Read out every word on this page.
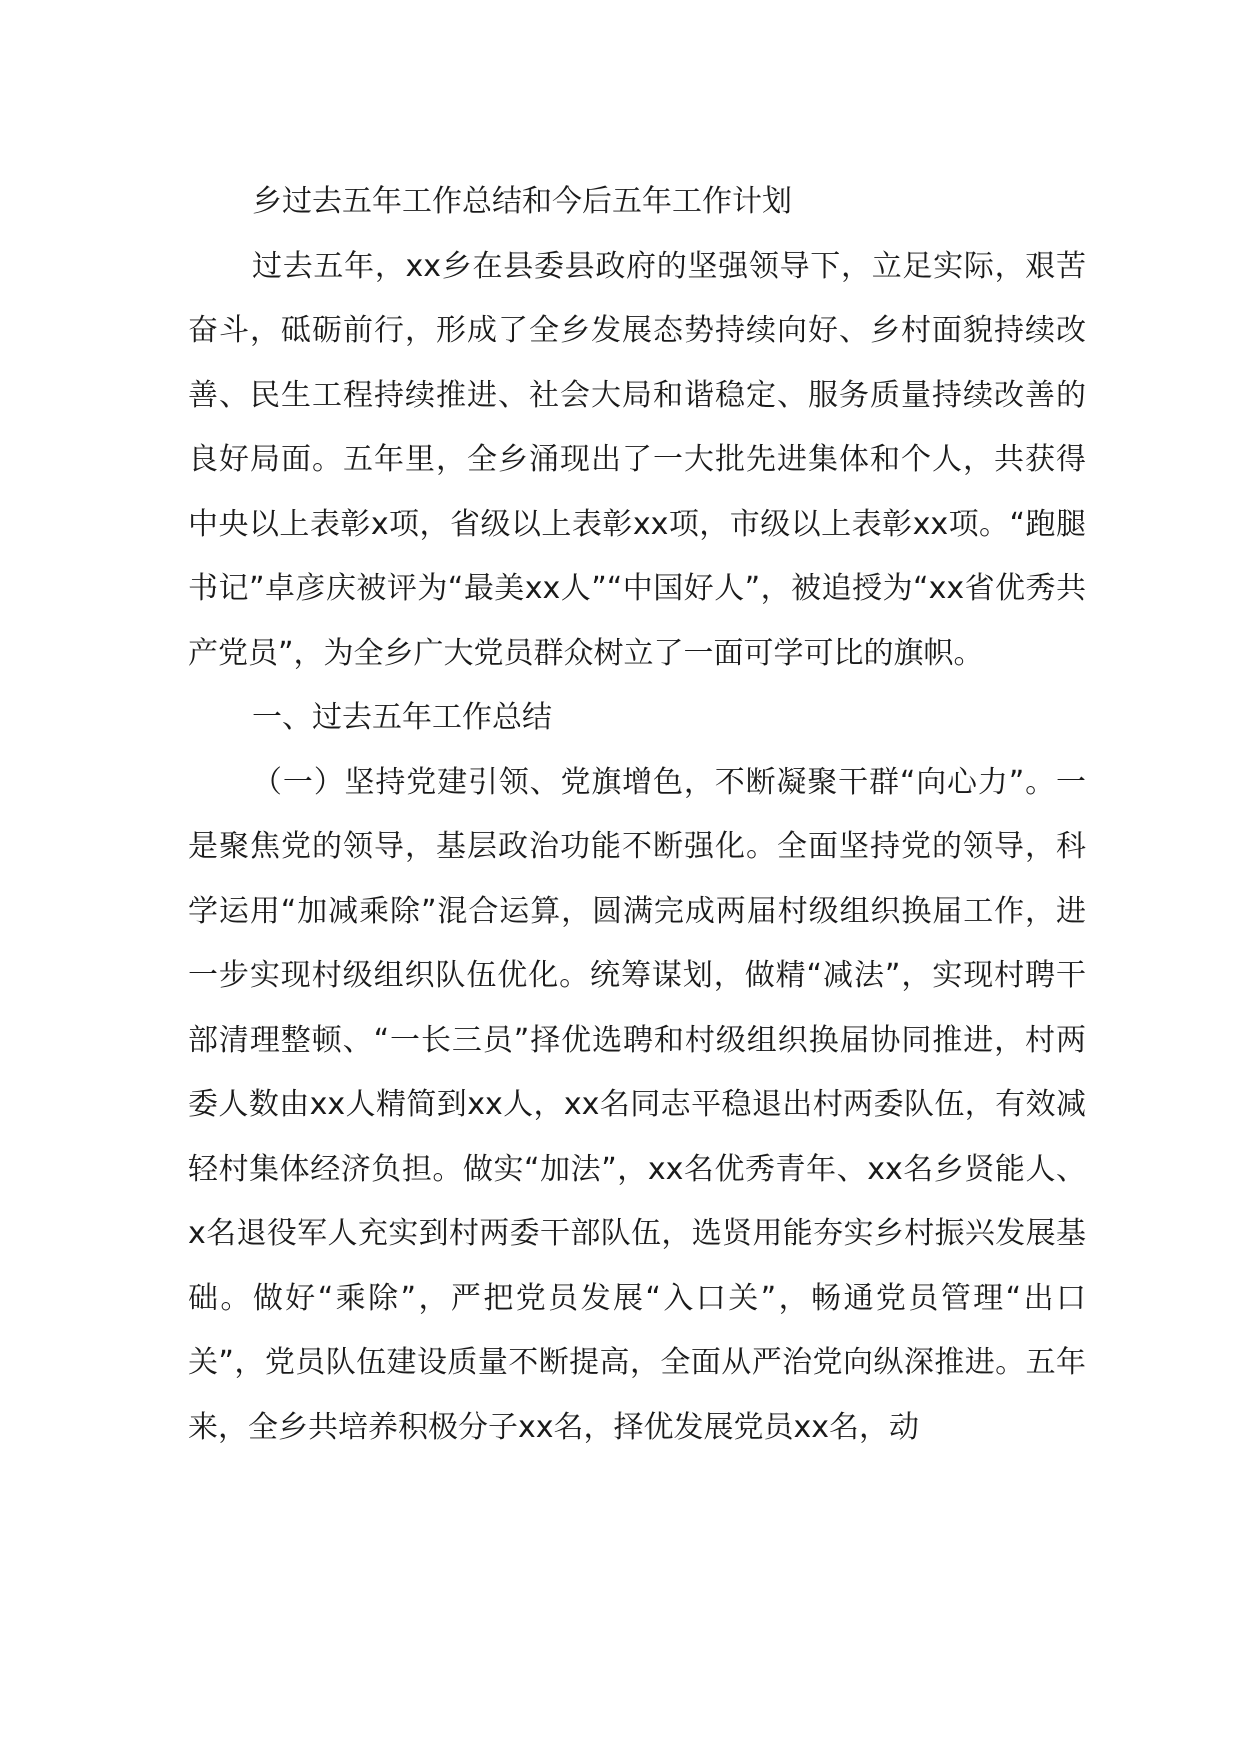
乡过去五年工作总结和今后五年工作计划

过去五年，xx乡在县委县政府的坚强领导下，立足实际，艰苦奋斗，砥砺前行，形成了全乡发展态势持续向好、乡村面貌持续改善、民生工程持续推进、社会大局和谐稳定、服务质量持续改善的良好局面。五年里，全乡涌现出了一大批先进集体和个人，共获得中央以上表彰x项，省级以上表彰xx项，市级以上表彰xx项。“跑腿书记”卓彦庆被评为“最美xx人”“中国好人”，被追授为“xx省优秀共产党员”，为全乡广大党员群众树立了一面可学可比的旗帜。

一、过去五年工作总结

（一）坚持党建引领、党旗增色，不断凝聚干群“向心力”。一是聚焦党的领导，基层政治功能不断强化。全面坚持党的领导，科学运用“加减乘除”混合运算，圆满完成两届村级组织换届工作，进一步实现村级组织队伍优化。统筹谋划，做精“减法”，实现村聘干部清理整顿、“一长三员”择优选聘和村级组织换届协同推进，村两委人数由xx人精简到xx人，xx名同志平稳退出村两委队伍，有效减轻村集体经济负担。做实“加法”，xx名优秀青年、xx名乡贤能人、x名退役军人充实到村两委干部队伍，选贤用能夯实乡村振兴发展基础。做好“乘除”，严把党员发展“入口关”，畅通党员管理“出口关”，党员队伍建设质量不断提高，全面从严治党向纵深推进。五年来，全乡共培养积极分子xx名，择优发展党员xx名，动
